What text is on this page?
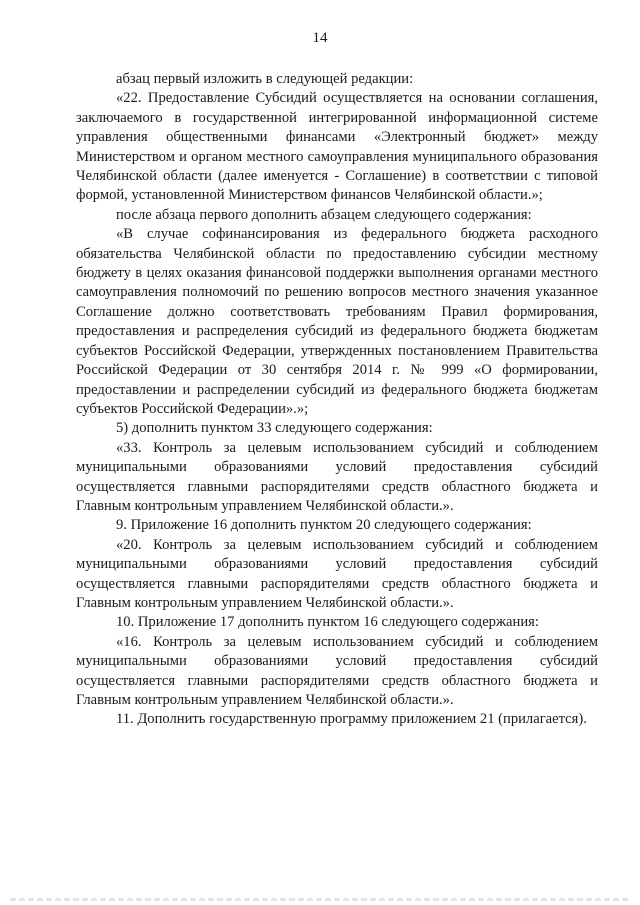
14

абзац первый изложить в следующей редакции:

«22. Предоставление Субсидий осуществляется на основании соглашения, заключаемого в государственной интегрированной информационной системе управления общественными финансами «Электронный бюджет» между Министерством и органом местного самоуправления муниципального образования Челябинской области (далее именуется - Соглашение) в соответствии с типовой формой, установленной Министерством финансов Челябинской области.»;

после абзаца первого дополнить абзацем следующего содержания:

«В случае софинансирования из федерального бюджета расходного обязательства Челябинской области по предоставлению субсидии местному бюджету в целях оказания финансовой поддержки выполнения органами местного самоуправления полномочий по решению вопросов местного значения указанное Соглашение должно соответствовать требованиям Правил формирования, предоставления и распределения субсидий из федерального бюджета бюджетам субъектов Российской Федерации, утвержденных постановлением Правительства Российской Федерации от 30 сентября 2014 г. № 999 «О формировании, предоставлении и распределении субсидий из федерального бюджета бюджетам субъектов Российской Федерации».»;

5) дополнить пунктом 33 следующего содержания:

«33. Контроль за целевым использованием субсидий и соблюдением муниципальными образованиями условий предоставления субсидий осуществляется главными распорядителями средств областного бюджета и Главным контрольным управлением Челябинской области.».

9. Приложение 16 дополнить пунктом 20 следующего содержания:

«20. Контроль за целевым использованием субсидий и соблюдением муниципальными образованиями условий предоставления субсидий осуществляется главными распорядителями средств областного бюджета и Главным контрольным управлением Челябинской области.».

10. Приложение 17 дополнить пунктом 16 следующего содержания:

«16. Контроль за целевым использованием субсидий и соблюдением муниципальными образованиями условий предоставления субсидий осуществляется главными распорядителями средств областного бюджета и Главным контрольным управлением Челябинской области.».

11. Дополнить государственную программу приложением 21 (прилагается).
